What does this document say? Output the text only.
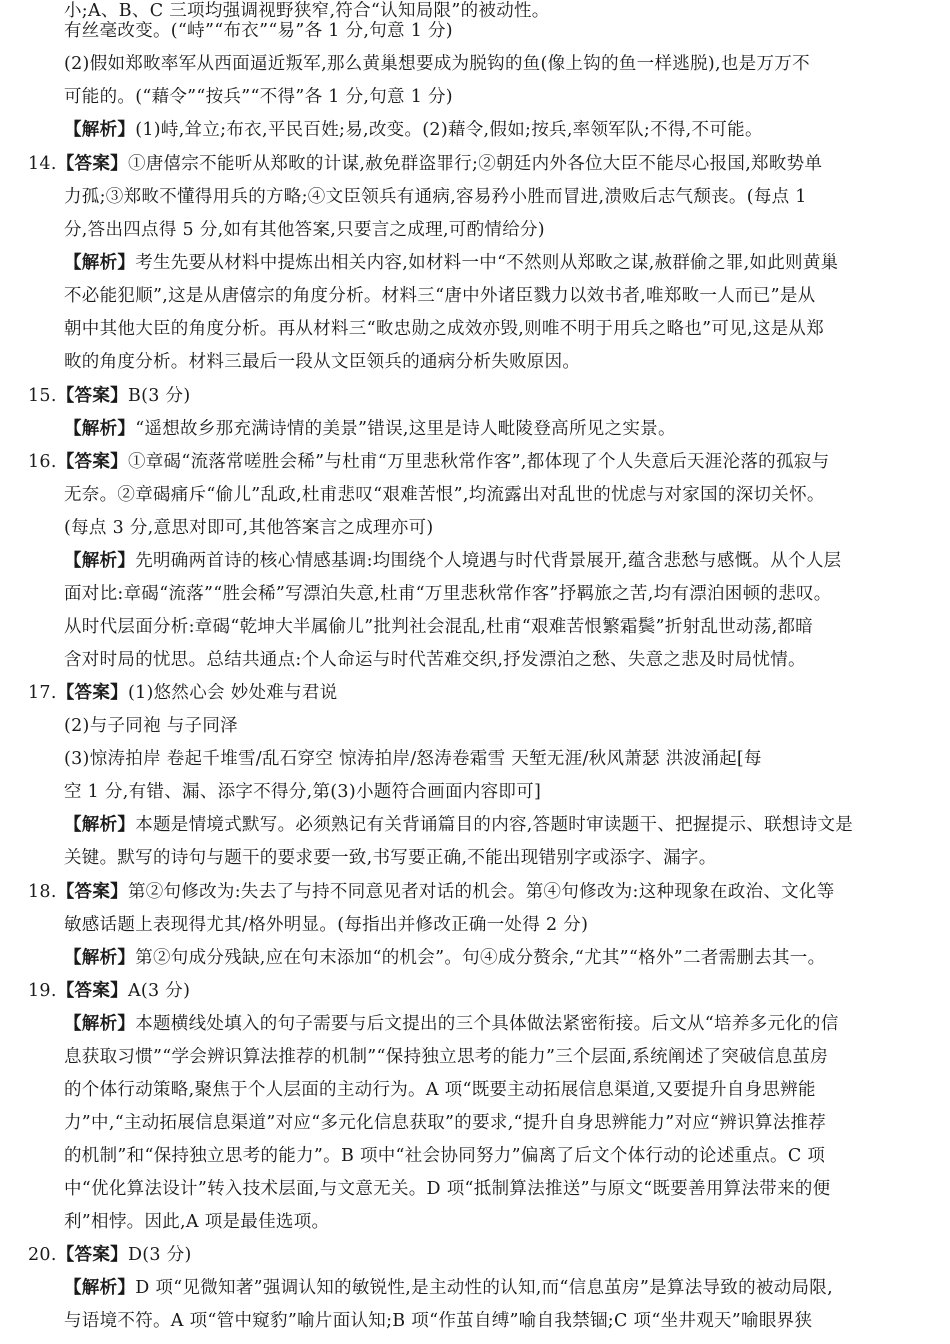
有丝毫改变。(“峙”“布衣”“易”各 1 分,句意 1 分)
(2)假如郑畋率军从西面逼近叛军,那么黄巢想要成为脱钩的鱼(像上钩的鱼一样逃脱),也是万万不
可能的。(“藉令”“按兵”“不得”各 1 分,句意 1 分)
【解析】(1)峙,耸立;布衣,平民百姓;易,改变。(2)藉令,假如;按兵,率领军队;不得,不可能。
14.【答案】①唐僖宗不能听从郑畋的计谋,赦免群盗罪行;②朝廷内外各位大臣不能尽心报国,郑畋势单
力孤;③郑畋不懂得用兵的方略;④文臣领兵有通病,容易矜小胜而冒进,溃败后志气颓丧。(每点 1
分,答出四点得 5 分,如有其他答案,只要言之成理,可酌情给分)
【解析】考生先要从材料中提炼出相关内容,如材料一中“不然则从郑畋之谋,赦群偷之罪,如此则黄巢
不必能犯顺”,这是从唐僖宗的角度分析。材料三“唐中外诸臣戮力以效书者,唯郑畋一人而已”是从
朝中其他大臣的角度分析。再从材料三“畋忠勋之成效亦毁,则唯不明于用兵之略也”可见,这是从郑
畋的角度分析。材料三最后一段从文臣领兵的通病分析失败原因。
15.【答案】B(3 分)
【解析】“遥想故乡那充满诗情的美景”错误,这里是诗人毗陵登高所见之实景。
16.【答案】①章碣“流落常嗟胜会稀”与杜甫“万里悲秋常作客”,都体现了个人失意后天涯沦落的孤寂与
无奈。②章碣痛斥“偷儿”乱政,杜甫悲叹“艰难苦恨”,均流露出对乱世的忧虑与对家国的深切关怀。
(每点 3 分,意思对即可,其他答案言之成理亦可)
【解析】先明确两首诗的核心情感基调:均围绕个人境遇与时代背景展开,蕴含悲愁与感慨。从个人层
面对比:章碣“流落”“胜会稀”写漂泊失意,杜甫“万里悲秋常作客”抒羁旅之苦,均有漂泊困顿的悲叹。
从时代层面分析:章碣“乾坤大半属偷儿”批判社会混乱,杜甫“艰难苦恨繁霜鬓”折射乱世动荡,都暗
含对时局的忧思。总结共通点:个人命运与时代苦难交织,抒发漂泊之愁、失意之悲及时局忧情。
17.【答案】(1)悠然心会 妙处难与君说
(2)与子同袍 与子同泽
(3)惊涛拍岸 卷起千堆雪/乱石穿空 惊涛拍岸/怒涛卷霜雪 天堑无涯/秋风萧瑟 洪波涌起[每
空 1 分,有错、漏、添字不得分,第(3)小题符合画面内容即可]
【解析】本题是情境式默写。必须熟记有关背诵篇目的内容,答题时审读题干、把握提示、联想诗文是
关键。默写的诗句与题干的要求要一致,书写要正确,不能出现错别字或添字、漏字。
18.【答案】第②句修改为:失去了与持不同意见者对话的机会。第④句修改为:这种现象在政治、文化等
敏感话题上表现得尤其/格外明显。(每指出并修改正确一处得 2 分)
【解析】第②句成分残缺,应在句末添加“的机会”。句④成分赘余,“尤其”“格外”二者需删去其一。
19.【答案】A(3 分)
【解析】本题横线处填入的句子需要与后文提出的三个具体做法紧密衔接。后文从“培养多元化的信
息获取习惯”“学会辨识算法推荐的机制”“保持独立思考的能力”三个层面,系统阐述了突破信息茧房
的个体行动策略,聚焦于个人层面的主动行为。A 项“既要主动拓展信息渠道,又要提升自身思辨能
力”中,“主动拓展信息渠道”对应“多元化信息获取”的要求,“提升自身思辨能力”对应“辨识算法推荐
的机制”和“保持独立思考的能力”。B 项中“社会协同努力”偏离了后文个体行动的论述重点。C 项
中“优化算法设计”转入技术层面,与文意无关。D 项“抵制算法推送”与原文“既要善用算法带来的便
利”相悖。因此,A 项是最佳选项。
20.【答案】D(3 分)
【解析】D 项“见微知著”强调认知的敏锐性,是主动性的认知,而“信息茧房”是算法导致的被动局限,
与语境不符。A 项“管中窥豹”喻片面认知;B 项“作茧自缚”喻自我禁锢;C 项“坐井观天”喻眼界狭
小;A、B、C 三项均强调视野狭窄,符合“认知局限”的被动性。
